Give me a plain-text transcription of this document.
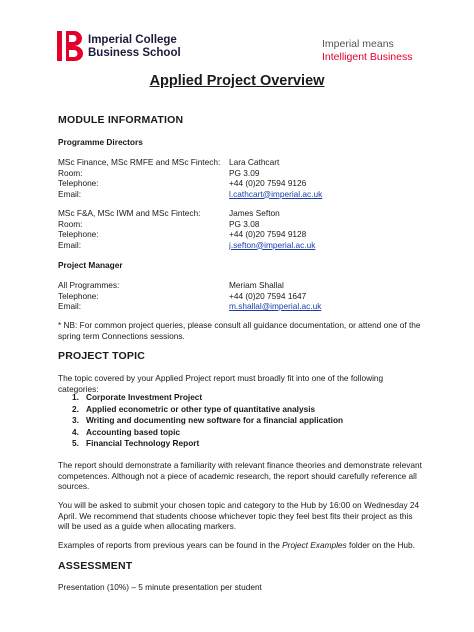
Imperial College
Business School
Imperial means
Intelligent Business
Applied Project Overview
MODULE INFORMATION
Programme Directors
MSc Finance, MSc RMFE and MSc Fintech:	Lara Cathcart
Room:	PG 3.09
Telephone:	+44 (0)20 7594 9126
Email:	l.cathcart@imperial.ac.uk
MSc F&A, MSc IWM and MSc Fintech:	James Sefton
Room:	PG 3.08
Telephone:	+44 (0)20 7594 9128
Email:	j.sefton@imperial.ac.uk
Project Manager
All Programmes:	Meriam Shallal
Telephone:	+44 (0)20 7594 1647
Email:	m.shallal@imperial.ac.uk
* NB: For common project queries, please consult all guidance documentation, or attend one of the spring term Connections sessions.
PROJECT TOPIC
The topic covered by your Applied Project report must broadly fit into one of the following categories:
1. Corporate Investment Project
2. Applied econometric or other type of quantitative analysis
3. Writing and documenting new software for a financial application
4. Accounting based topic
5. Financial Technology Report
The report should demonstrate a familiarity with relevant finance theories and demonstrate relevant competences. Although not a piece of academic research, the report should carefully reference all sources.
You will be asked to submit your chosen topic and category to the Hub by 16:00 on Wednesday 24 April. We recommend that students choose whichever topic they feel best fits their project as this will be used as a guide when allocating markers.
Examples of reports from previous years can be found in the Project Examples folder on the Hub.
ASSESSMENT
Presentation (10%) – 5 minute presentation per student
